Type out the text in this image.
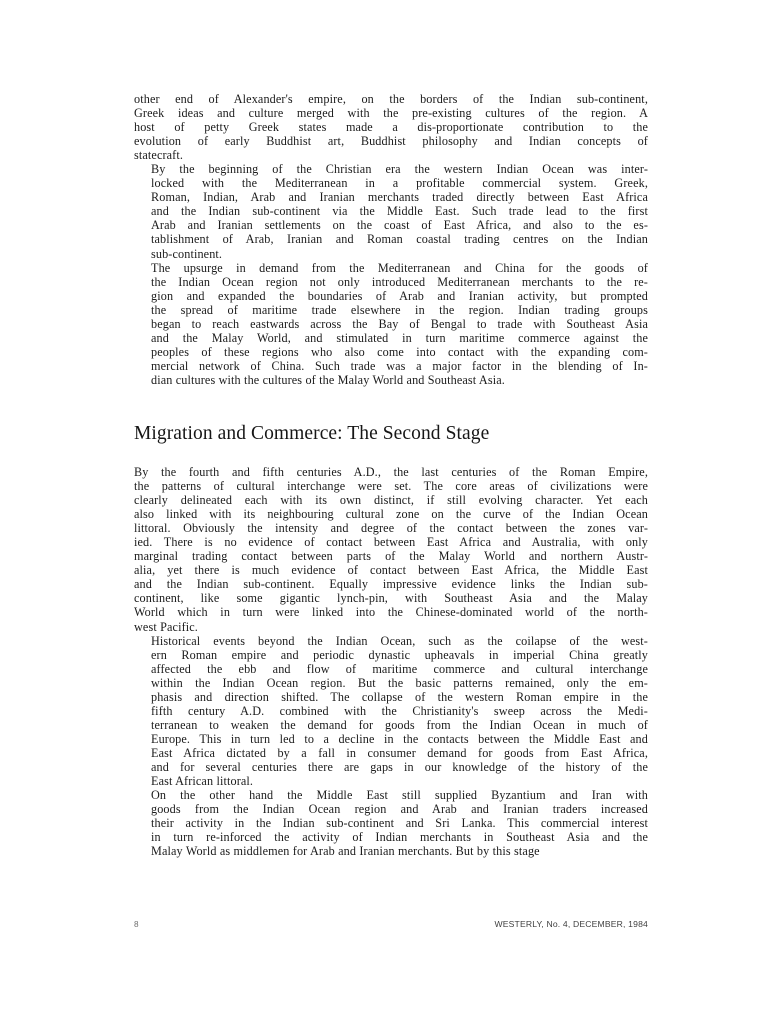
other end of Alexander's empire, on the borders of the Indian sub-continent,
Greek ideas and culture merged with the pre-existing cultures of the region. A
host of petty Greek states made a dis-proportionate contribution to the
evolution of early Buddhist art, Buddhist philosophy and Indian concepts of
statecraft.

By the beginning of the Christian era the western Indian Ocean was inter-
locked with the Mediterranean in a profitable commercial system. Greek,
Roman, Indian, Arab and Iranian merchants traded directly between East Africa
and the Indian sub-continent via the Middle East. Such trade lead to the first
Arab and Iranian settlements on the coast of East Africa, and also to the es-
tablishment of Arab, Iranian and Roman coastal trading centres on the Indian
sub-continent.

The upsurge in demand from the Mediterranean and China for the goods of
the Indian Ocean region not only introduced Mediterranean merchants to the re-
gion and expanded the boundaries of Arab and Iranian activity, but prompted
the spread of maritime trade elsewhere in the region. Indian trading groups
began to reach eastwards across the Bay of Bengal to trade with Southeast Asia
and the Malay World, and stimulated in turn maritime commerce against the
peoples of these regions who also come into contact with the expanding com-
mercial network of China. Such trade was a major factor in the blending of In-
dian cultures with the cultures of the Malay World and Southeast Asia.

Migration and Commerce: The Second Stage

By the fourth and fifth centuries A.D., the last centuries of the Roman Empire,
the patterns of cultural interchange were set. The core areas of civilizations were
clearly delineated each with its own distinct, if still evolving character. Yet each
also linked with its neighbouring cultural zone on the curve of the Indian Ocean
littoral. Obviously the intensity and degree of the contact between the zones var-
ied. There is no evidence of contact between East Africa and Australia, with only
marginal trading contact between parts of the Malay World and northern Austr-
alia, yet there is much evidence of contact between East Africa, the Middle East
and the Indian sub-continent. Equally impressive evidence links the Indian sub-
continent, like some gigantic lynch-pin, with Southeast Asia and the Malay
World which in turn were linked into the Chinese-dominated world of the north-
west Pacific.

Historical events beyond the Indian Ocean, such as the coilapse of the west-
ern Roman empire and periodic dynastic upheavals in imperial China greatly
affected the ebb and flow of maritime commerce and cultural interchange
within the Indian Ocean region. But the basic patterns remained, only the em-
phasis and direction shifted. The collapse of the western Roman empire in the
fifth century A.D. combined with the Christianity's sweep across the Medi-
terranean to weaken the demand for goods from the Indian Ocean in much of
Europe. This in turn led to a decline in the contacts between the Middle East and
East Africa dictated by a fall in consumer demand for goods from East Africa,
and for several centuries there are gaps in our knowledge of the history of the
East African littoral.

On the other hand the Middle East still supplied Byzantium and Iran with
goods from the Indian Ocean region and Arab and Iranian traders increased
their activity in the Indian sub-continent and Sri Lanka. This commercial interest
in turn re-inforced the activity of Indian merchants in Southeast Asia and the
Malay World as middlemen for Arab and Iranian merchants. But by this stage

8	WESTERLY, No. 4, DECEMBER, 1984
